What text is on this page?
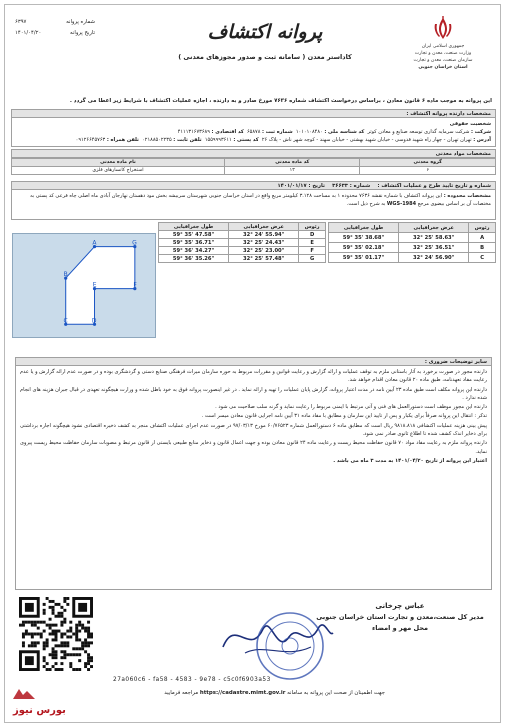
شماره پروانه
۶۳۹۷
تاریخ پروانه
۱۴۰۱/۰۴/۲۰	پروانه اکتشاف
کاداستر معدن ( سامانه ثبت و صدور مجوزهای معدنی )
جمهوری اسلامی ایران
وزارت صنعت، معدن و تجارت
سازمان صنعت، معدن و تجارت
استان خراسان جنوبی
این پروانه به موجب ماده ۶ قانون معادن ، براساس درخواست اکتشاف شماره ۷۶۳۶ مورخ صادر و به دارنده ، اجازه عملیات اکتشاف با شرایط زیر اعطا می گردد .
مشخصات دارنده پروانه اکتشاف :
شخصیت حقوقی
شرکت : شرکت سرمایه گذاری توسعه صنایع و معادن کوثر  کد شناسه ملی : ۱۰۱۰۱۰۸۴۸۰  شماره ثبت : ۶۵۸۷۸  کد اقتصادی : ۴۱۱۱۳۱۶۷۳۶۸۹
آدرس : تهران تهران - چهار راه شهید قدوسی - خیابان شهید بهشتی - خیابان سهند - کوچه شهر ناش - پلاک ۲۶  کد پستی : ۱۵۵۹۹۹۳۶۱۱  تلفن ثابت : ۰۲۱۸۸۵۰۲۲۳۵  تلفن همراه : ۰۹۱۲۶۶۴۵۷۶۳
مشخصات مواد معدنی
گروه معدنی	کد ماده معدنی	نام ماده معدنی
۶	۱۳	استخراج کانسارهای فلزی
شماره و تاریخ تایید طرح و عملیات اکتشاف :    شماره : ۳۶۶۳۳    تاریخ : ۱۴۰۱/۰۱/۱۷
مشخصات محدوده : این پروانه اکتشاف با شماره نقشه ۷۶۳۶ محدوده ۱ به مساحت ۳.۱۲۸ کیلومتر مربع واقع در استان خراسان جنوبی شهرستان سربیشه بخش مود دهستان نهارجان آبادی ماه اصلی چاه فرعی کد پستی به مختصات آن بر اساس بیضوی مرجع WGS-1984 به شرح ذیل است.
رئوس	عرض جغرافیایی	طول جغرافیایی
A	32° 25' 58.63"	59° 35' 38.68"
B	32° 25' 36.51"	59° 35' 02.18"
C	32° 24' 56.90"	59° 35' 01.17"
رئوس	عرض جغرافیایی	طول جغرافیایی
D	32° 24' 55.94"	59° 35' 47.58"
E	32° 25' 24.43"	59° 35' 36.71"
F	32° 25' 23.00"	59° 36' 34.27"
G	32° 25' 57.48"	59° 36' 35.26"
A	G
B
E	F
C	D
سایر توضیحات ضروری :

دارنده مجوز در صورت برخورد به آثار باستانی ملزم به توقف عملیات و ارائه گزارش و رعایت قوانین و مقررات مربوط به حوزه سازمان میراث فرهنگی صنایع دستی و گردشگری بوده و در صورت عدم ارائه گزارش و یا عدم رعایت مفاد تعهدنامه، طبق ماده ۲۰ قانون معادن اقدام خواهد شد.

دارنده این پروانه مکلف است طبق ماده ۲۳ آیین نامه در مدت اعتبار پروانه، گزارش پایان عملیات را تهیه و ارائه نماید . در غیر اینصورت پروانه فوق به خود باطل شده و وزارت هیچگونه تعهدی در قبال جبران هزینه های انجام شده ندارد .

دارنده این مجوز موظف است دستورالعمل های فنی و آتی مرتبط با ایمنی مربوط را رعایت نماید و گرنه سلب صلاحیت می شود .

تذکر : انتقال این پروانه صرفاً برای یکبار و پس از تایید این سازمان و مطابق با مفاد ماده ۳۱ آیین نامه اجرایی قانون معادن میسر است .

پیش بینی هزینه عملیات اکتشافی ۹۸۱۸.۸۱۸ ریال است که مطابق ماده ۶ دستورالعمل شماره ۶۰/۷۶۵۲۳ مورخ ۹۷/۰۳/۱۳ در صورت عدم اجرای عملیات اکتشاف منجر به کشف ذخیره اقتصادی نشود هیچگونه اجازه برداشتی برای ذخایر اندک کشف شده تا اطلاع ثانوی صادر نمی شود.

دارنده پروانه ملزم به رعایت مفاد مواد ۷۰ قانون حفاظت محیط زیست و رعایت ماده ۲۴ قانون معادن بوده و جهت اعمال قانون و ذخایر منابع طبیعی بایستی از قانون مرتبط و مصوبات سازمان حفاظت محیط زیست پیروی نماید.

اعتبار این پروانه از تاریخ ۱۴۰۱/۰۴/۲۰ به مدت ۳ ماه می باشد .

عباس چرخانی
مدیر کل صنعت،معدن و تجارت استان خراسان جنوبی
محل مهر و امضاء
27a060c6 - fa58 - 4583 - 9e78 - c5c0f6903a53
جهت اطمینان از صحت این پروانه به سامانه https://cadastre.mimt.gov.ir مراجعه فرمایید
بورس نیوز
